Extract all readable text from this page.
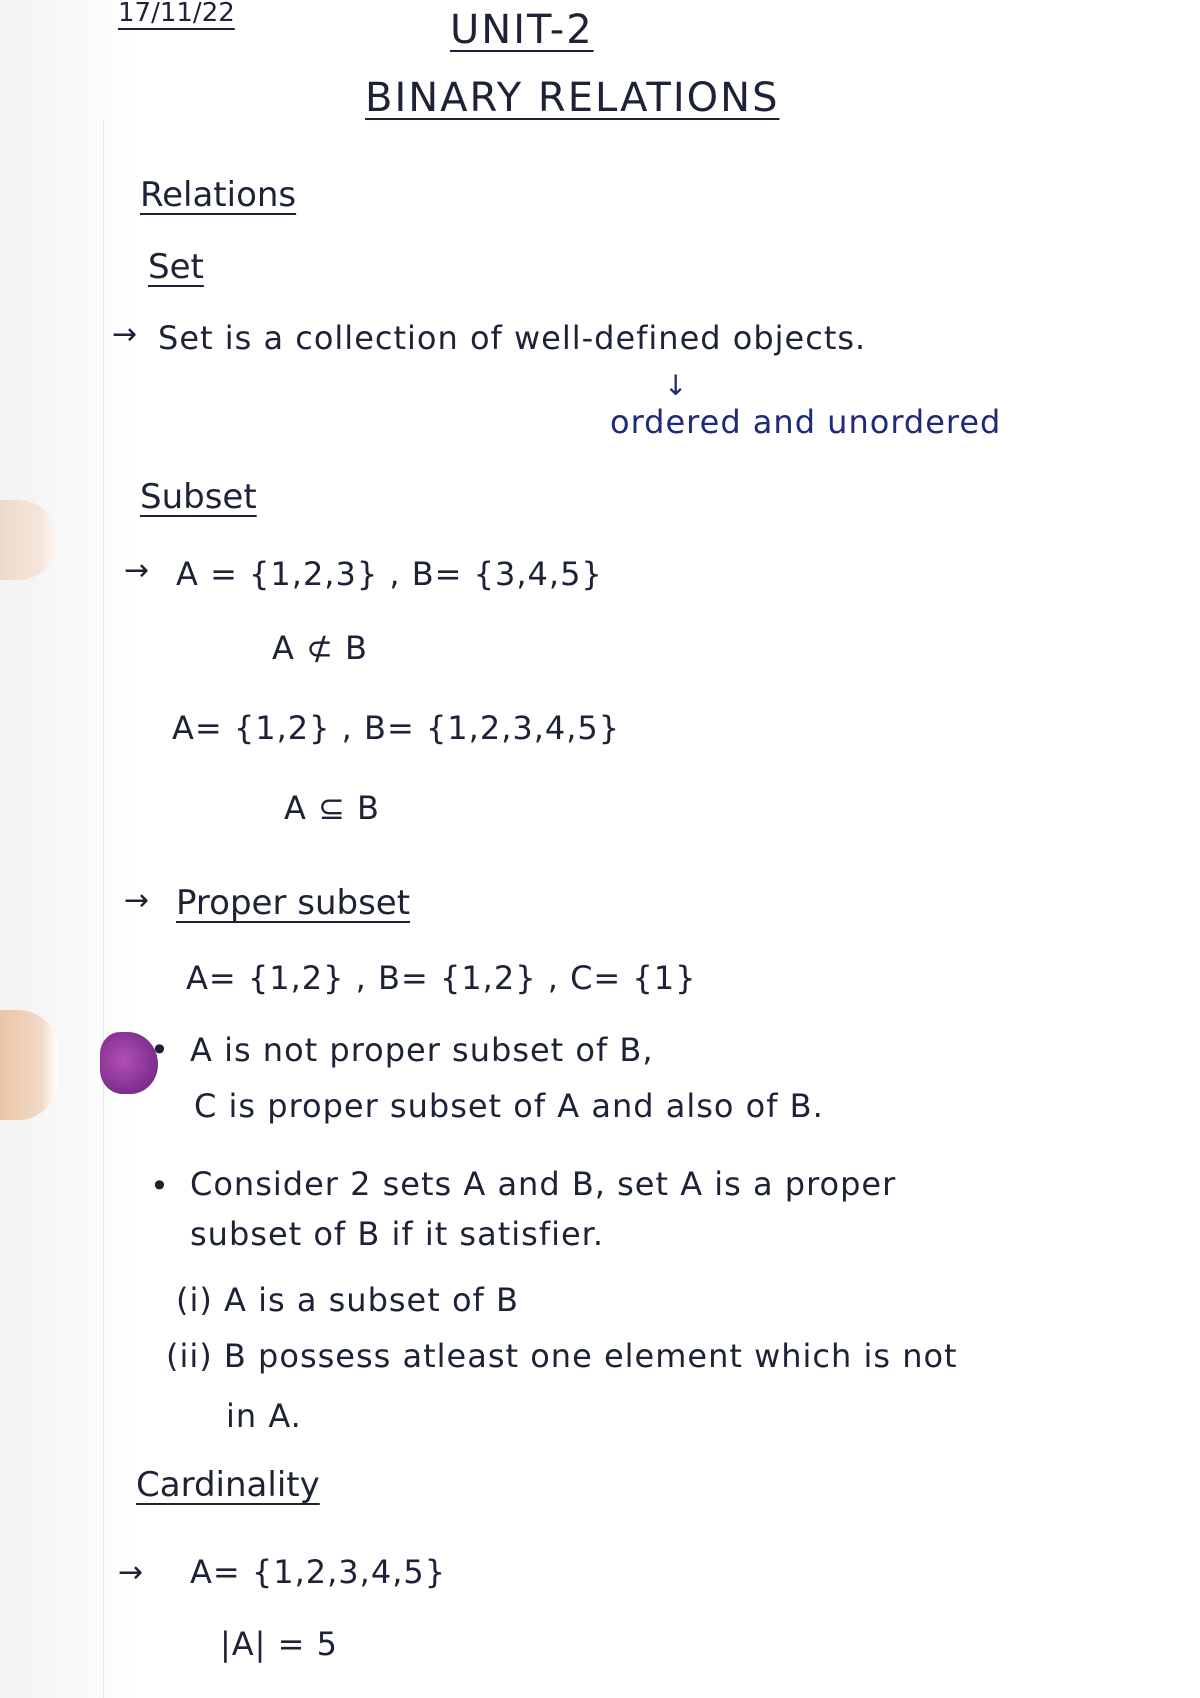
17/11/22	UNIT-2
BINARY RELATIONS
Relations
Set
→ Set is a collection of well-defined objects.
↓
ordered and unordered
Subset
→ A = {1,2,3} , B= {3,4,5}
A ⊄ B
A= {1,2} , B= {1,2,3,4,5}
A ⊆ B
→ Proper subset
A= {1,2} , B= {1,2} , C= {1}
• A is not proper subset of B,
C is proper subset of A and also of B.
• Consider 2 sets A and B, set A is a proper
subset of B if it satisfier.
(i) A is a subset of B
(ii) B possess atleast one element which is not
in A.
Cardinality
→ A= {1,2,3,4,5}
|A| = 5
